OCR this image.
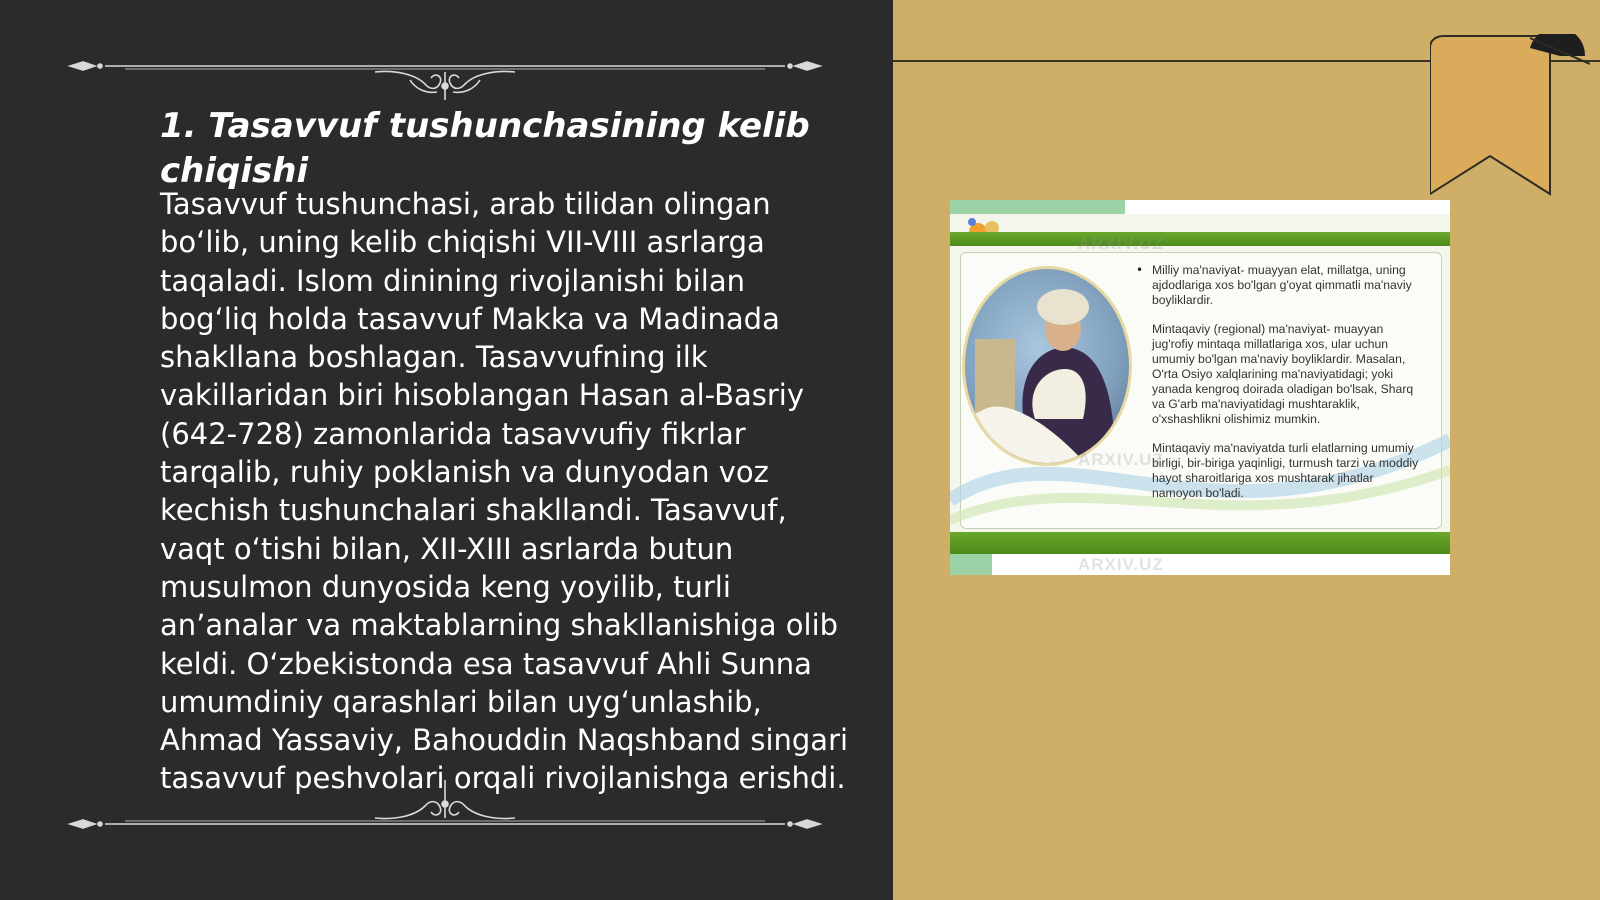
1. Tasavvuf tushunchasining kelib chiqishi

Tasavvuf tushunchasi, arab tilidan olingan bo‘lib, uning kelib chiqishi VII-VIII asrlarga taqaladi. Islom dinining rivojlanishi bilan bog‘liq holda tasavvuf Makka va Madinada shakllana boshlagan. Tasavvufning ilk vakillaridan biri hisoblangan Hasan al-Basriy (642-728) zamonlarida tasavvufiy fikrlar tarqalib, ruhiy poklanish va dunyodan voz kechish tushunchalari shakllandi. Tasavvuf, vaqt o‘tishi bilan, XII-XIII asrlarda butun musulmon dunyosida keng yoyilib, turli an’analar va maktablarning shakllanishiga olib keldi. O‘zbekistonda esa tasavvuf Ahli Sunna umumdiniy qarashlari bilan uyg‘unlashib, Ahmad Yassaviy, Bahouddin Naqshband singari tasavvuf peshvolari orqali rivojlanishga erishdi.

• Milliy ma'naviyat- muayyan elat, millatga, uning ajdodlariga xos bo'lgan g'oyat qimmatli ma'naviy boyliklardir.

Mintaqaviy (regional) ma'naviyat- muayyan jug'rofiy mintaqa millatlariga xos, ular uchun umumiy bo'lgan ma'naviy boyliklardir. Masalan, O'rta Osiyo xalqlarining ma'naviyatidagi; yoki yanada kengroq doirada oladigan bo'lsak, Sharq va G'arb ma'naviyatidagi mushtaraklik, o'xshashlikni olishimiz mumkin.

Mintaqaviy ma'naviyatda turli elatlarning umumiy birligi, bir-biriga yaqinligi, turmush tarzi va moddiy hayot sharoitlariga xos mushtarak jihatlar namoyon bo'ladi.

ARXIV.UZ
ARXIV.UZ
ARXIV.UZ
